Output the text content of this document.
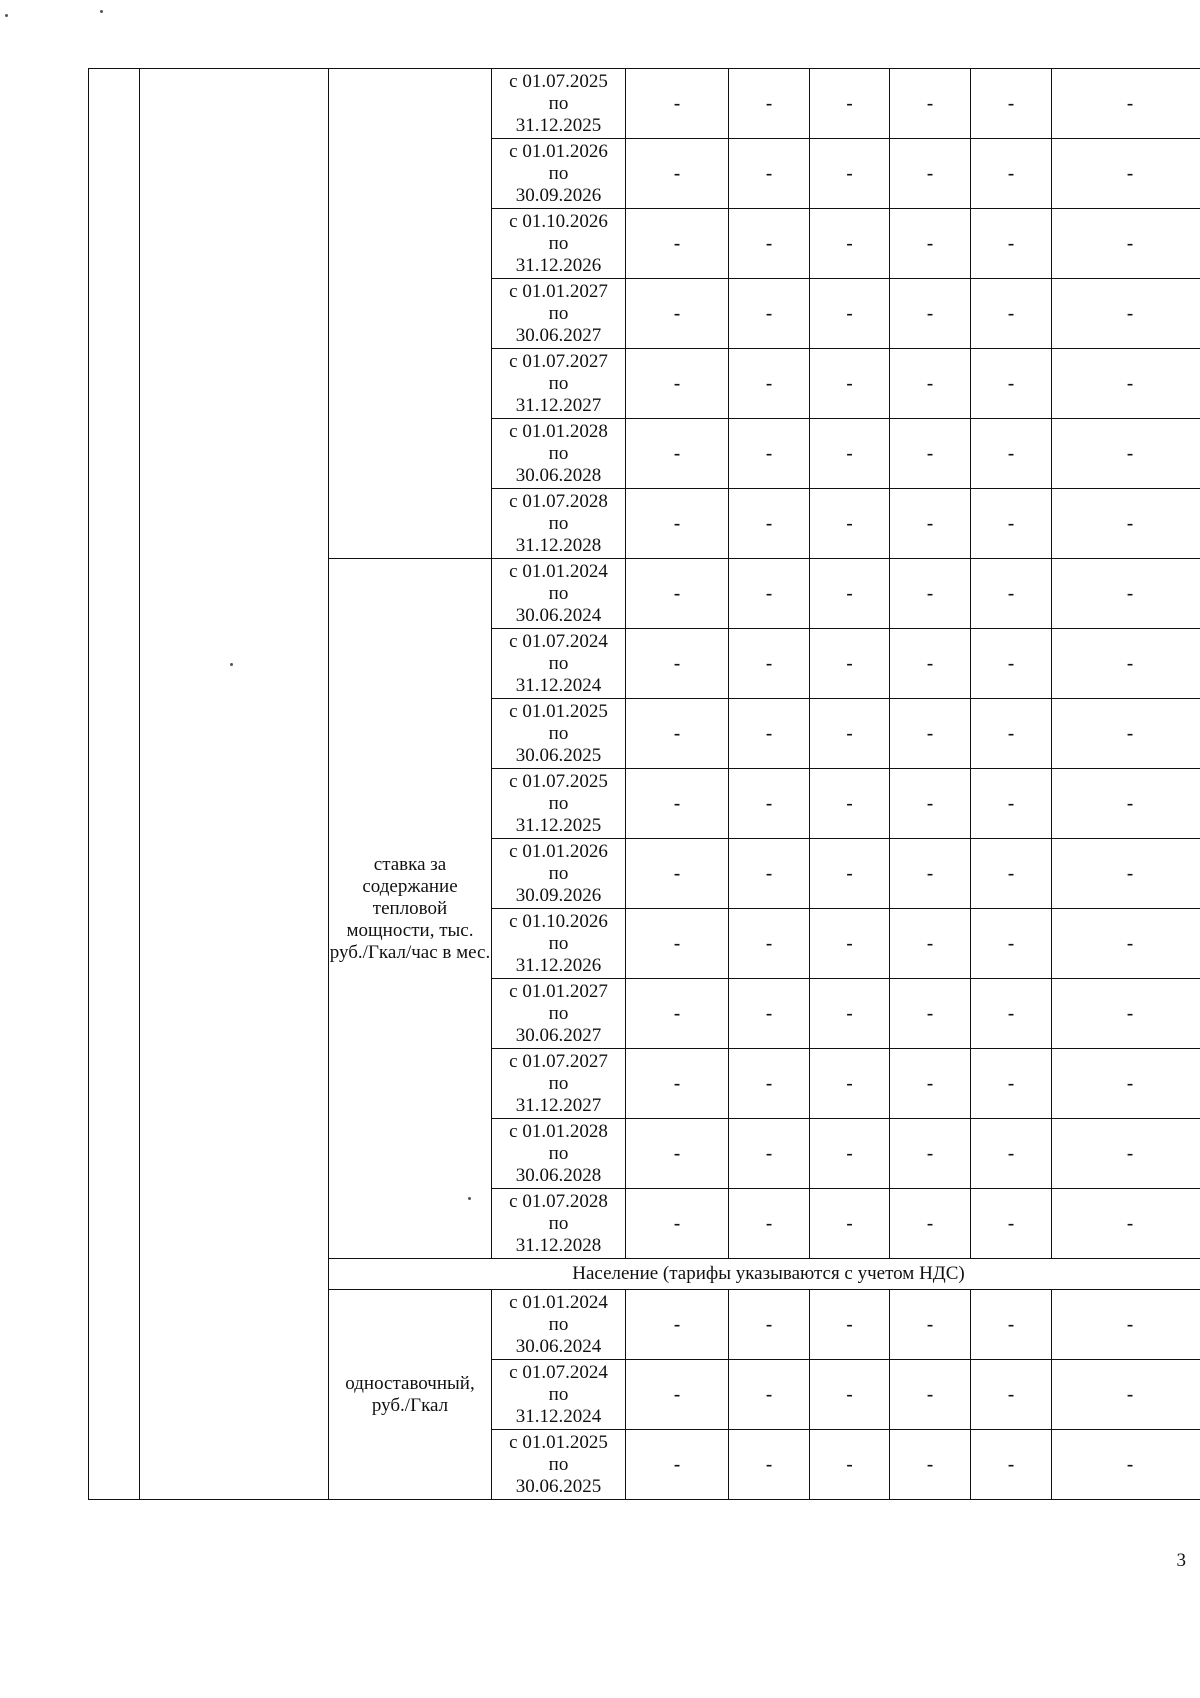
			с 01.07.2025
по
31.12.2025	-	-	-	-	-	-

			с 01.01.2026
по
30.09.2026	-	-	-	-	-	-

			с 01.10.2026
по
31.12.2026	-	-	-	-	-	-

			с 01.01.2027
по
30.06.2027	-	-	-	-	-	-

			с 01.07.2027
по
31.12.2027	-	-	-	-	-	-

			с 01.01.2028
по
30.06.2028	-	-	-	-	-	-

			с 01.07.2028
по
31.12.2028	-	-	-	-	-	-
		ставка за содержание тепловой мощности, тыс. руб./Гкал/час в мес.	с 01.01.2024
по
30.06.2024	-	-	-	-	-	-

			с 01.07.2024
по
31.12.2024	-	-	-	-	-	-

			с 01.01.2025
по
30.06.2025	-	-	-	-	-	-

			с 01.07.2025
по
31.12.2025	-	-	-	-	-	-

			с 01.01.2026
по
30.09.2026	-	-	-	-	-	-

			с 01.10.2026
по
31.12.2026	-	-	-	-	-	-

			с 01.01.2027
по
30.06.2027	-	-	-	-	-	-

			с 01.07.2027
по
31.12.2027	-	-	-	-	-	-

			с 01.01.2028
по
30.06.2028	-	-	-	-	-	-

			с 01.07.2028
по
31.12.2028	-	-	-	-	-	-
		Население (тарифы указываются с учетом НДС)							
		одноставочный, руб./Гкал	с 01.01.2024
по
30.06.2024	-	-	-	-	-	-

			с 01.07.2024
по
31.12.2024	-	-	-	-	-	-

			с 01.01.2025
по
30.06.2025	-	-	-	-	-	-
3
